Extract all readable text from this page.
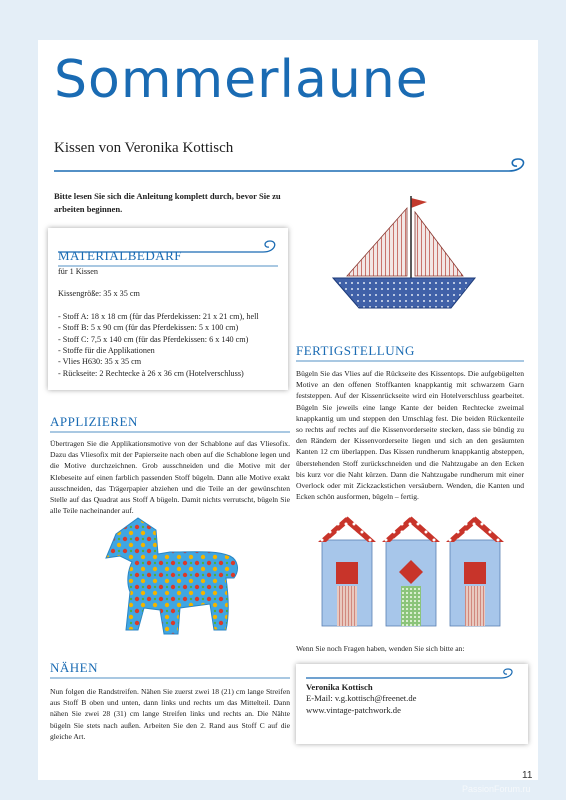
Sommerlaune

Kissen von Veronika Kottisch

Bitte lesen Sie sich die Anleitung komplett durch, bevor Sie zu arbeiten beginnen.

MATERIALBEDARF
für 1 Kissen
Kissengröße: 35 x 35 cm
- Stoff A: 18 x 18 cm (für das Pferdekissen: 21 x 21 cm), hell
- Stoff B: 5 x 90 cm (für das Pferdekissen: 5 x 100 cm)
- Stoff C: 7,5 x 140 cm (für das Pferdekissen: 6 x 140 cm)
- Stoffe für die Applikationen
- Vlies H630: 35 x 35 cm
- Rückseite: 2 Rechtecke à 26 x 36 cm (Hotelverschluss)
APPLIZIEREN

Übertragen Sie die Applikationsmotive von der Schablone auf das Vliesofix. Dazu das Vliesofix mit der Papierseite nach oben auf die Schablone legen und die Motive durchzeichnen. Grob ausschneiden und die Motive mit der Klebeseite auf einen farblich passenden Stoff bügeln. Dann alle Motive exakt ausschneiden, das Trägerpapier abziehen und die Teile an der gewünschten Stelle auf das Quadrat aus Stoff A bügeln. Damit nichts verrutscht, bügeln Sie alle Teile nacheinander auf.

NÄHEN

Nun folgen die Randstreifen. Nähen Sie zuerst zwei 18 (21) cm lange Streifen aus Stoff B oben und unten, dann links und rechts um das Mittelteil. Dann nähen Sie zwei 28 (31) cm lange Streifen links und rechts an. Die Nähte bügeln Sie stets nach außen. Arbeiten Sie den 2. Rand aus Stoff C auf die gleiche Art.

FERTIGSTELLUNG

Bügeln Sie das Vlies auf die Rückseite des Kissentops. Die aufgebügelten Motive an den offenen Stoffkanten knappkantig mit schwarzem Garn feststeppen. Auf der Kissenrückseite wird ein Hotelverschluss gearbeitet. Bügeln Sie jeweils eine lange Kante der beiden Rechtecke zweimal knappkantig um und steppen den Umschlag fest. Die beiden Rückenteile so rechts auf rechts auf die Kissenvorderseite stecken, dass sie bündig zu den Rändern der Kissenvorderseite liegen und sich an den gesäumten Kanten 12 cm überlappen. Das Kissen rundherum knappkantig absteppen, überstehenden Stoff zurückschneiden und die Nahtzugabe an den Ecken bis kurz vor die Naht kürzen. Dann die Nahtzugabe rundherum mit einer Overlock oder mit Zickzackstichen versäubern. Wenden, die Kanten und Ecken schön ausformen, bügeln – fertig.

Wenn Sie noch Fragen haben, wenden Sie sich bitte an:

Veronika Kottisch
E-Mail: v.g.kottisch@freenet.de
www.vintage-patchwork.de
11
PassionForum.ru
